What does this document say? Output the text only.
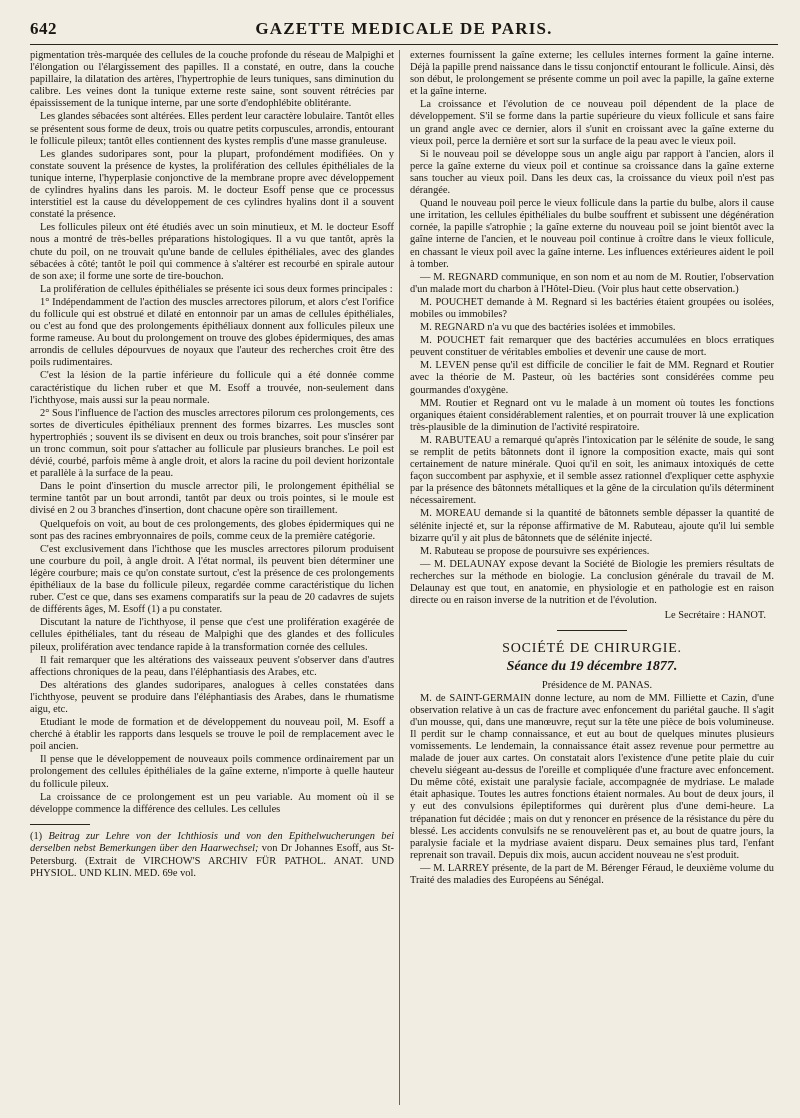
642	GAZETTE MEDICALE DE PARIS.

pigmentation très-marquée des cellules de la couche profonde du réseau de Malpighi et l'élongation ou l'élargissement des papilles. Il a constaté, en outre, dans la couche papillaire, la dilatation des artères, l'hypertrophie de leurs tuniques, sans diminution du calibre. Les veines dont la tunique externe reste saine, sont souvent rétrécies par épaississement de la tunique interne, par une sorte d'endophlébite oblitérante.

Les glandes sébacées sont altérées. Elles perdent leur caractère lobulaire. Tantôt elles se présentent sous forme de deux, trois ou quatre petits corpuscules, arrondis, entourant le follicule pileux; tantôt elles contiennent des kystes remplis d'une masse granuleuse.

Les glandes sudoripares sont, pour la plupart, profondément modifiées. On y constate souvent la présence de kystes, la prolifération des cellules épithéliales de la tunique interne, l'hyperplasie conjonctive de la membrane propre avec développement de cylindres hyalins dans les parois. M. le docteur Esoff pense que ce processus interstitiel est la cause du développement de ces cylindres hyalins dont il a souvent constaté la présence.

Les follicules pileux ont été étudiés avec un soin minutieux, et M. le docteur Esoff nous a montré de très-belles préparations histologiques. Il a vu que tantôt, après la chute du poil, on ne trouvait qu'une bande de cellules épithéliales, avec des glandes sébacées à côté; tantôt le poil qui commence à s'altérer est recourbé en spirale autour de son axe; il forme une sorte de tire-bouchon.

La prolifération de cellules épithéliales se présente ici sous deux formes principales :

1° Indépendamment de l'action des muscles arrectores pilorum, et alors c'est l'orifice du follicule qui est obstrué et dilaté en entonnoir par un amas de cellules épithéliales, ou c'est au fond que des prolongements épithéliaux donnent aux follicules pileux une forme rameuse. Au bout du prolongement on trouve des globes épidermiques, des amas arrondis de cellules dépourvues de noyaux que l'auteur des recherches croit être des poils rudimentaires.

C'est la lésion de la partie inférieure du follicule qui a été donnée comme caractéristique du lichen ruber et que M. Esoff a trouvée, non-seulement dans l'ichthyose, mais aussi sur la peau normale.

2° Sous l'influence de l'action des muscles arrectores pilorum ces prolongements, ces sortes de diverticules épithéliaux prennent des formes bizarres. Les muscles sont hypertrophiés ; souvent ils se divisent en deux ou trois branches, soit pour s'insérer par un tronc commun, soit pour s'attacher au follicule par plusieurs branches. Le poil est dévié, courbé, parfois même à angle droit, et alors la racine du poil devient horizontale et parallèle à la surface de la peau.

Dans le point d'insertion du muscle arrector pili, le prolongement épithélial se termine tantôt par un bout arrondi, tantôt par deux ou trois pointes, si le moule est divisé en 2 ou 3 branches d'insertion, dont chacune opère son tiraillement.

Quelquefois on voit, au bout de ces prolongements, des globes épidermiques qui ne sont pas des racines embryonnaires de poils, comme ceux de la première catégorie.

C'est exclusivement dans l'ichthose que les muscles arrectores pilorum produisent une courbure du poil, à angle droit. A l'état normal, ils peuvent bien déterminer une légère courbure; mais ce qu'on constate surtout, c'est la présence de ces prolongements épithéliaux de la base du follicule pileux, regardée comme caractéristique du lichen ruber. C'est ce que, dans ses examens comparatifs sur la peau de 20 cadavres de sujets de différents âges, M. Esoff (1) a pu constater.

Discutant la nature de l'ichthyose, il pense que c'est une prolifération exagérée de cellules épithéliales, tant du réseau de Malpighi que des glandes et des follicules pileux, prolifération avec tendance rapide à la transformation cornée des cellules.

Il fait remarquer que les altérations des vaisseaux peuvent s'observer dans d'autres affections chroniques de la peau, dans l'éléphantiasis des Arabes, etc.

Des altérations des glandes sudoripares, analogues à celles constatées dans l'ichthyose, peuvent se produire dans l'éléphantiasis des Arabes, dans le rhumatisme aigu, etc.

Etudiant le mode de formation et de développement du nouveau poil, M. Esoff a cherché à établir les rapports dans lesquels se trouve le poil de remplacement avec le poil ancien.

Il pense que le développement de nouveaux poils commence ordinairement par un prolongement des cellules épithéliales de la gaîne externe, n'importe à quelle hauteur du follicule pileux.

La croissance de ce prolongement est un peu variable. Au moment où il se développe commence la différence des cellules. Les cellules

(1) Beitrag zur Lehre von der Ichthiosis und von den Epithelwucherungen bei derselben nebst Bemerkungen über den Haarwechsel; von Dr Johannes Esoff, aus St-Petersburg. (Extrait de VIRCHOW'S ARCHIV FÜR PATHOL. ANAT. UND PHYSIOL. UND KLIN. MED. 69e vol.

externes fournissent la gaîne externe; les cellules internes forment la gaîne interne. Déjà la papille prend naissance dans le tissu conjonctif entourant le follicule. Ainsi, dès son début, le prolongement se présente comme un poil avec la papille, la gaîne externe et la gaîne interne.

La croissance et l'évolution de ce nouveau poil dépendent de la place de développement. S'il se forme dans la partie supérieure du vieux follicule et sans faire un grand angle avec ce dernier, alors il s'unit en croissant avec la gaîne externe du vieux poil, perce la dernière et sort sur la surface de la peau avec le vieux poil.

Si le nouveau poil se développe sous un angle aigu par rapport à l'ancien, alors il perce la gaîne externe du vieux poil et continue sa croissance dans la gaîne externe sans toucher au vieux poil. Dans les deux cas, la croissance du vieux poil n'est pas dérangée.

Quand le nouveau poil perce le vieux follicule dans la partie du bulbe, alors il cause une irritation, les cellules épithéliales du bulbe souffrent et subissent une dégénération cornée, la papille s'atrophie ; la gaîne externe du nouveau poil se joint bientôt avec la gaîne interne de l'ancien, et le nouveau poil continue à croître dans le vieux follicule, en chassant le vieux poil avec la gaîne interne. Les influences extérieures aident le poil à tomber.

— M. REGNARD communique, en son nom et au nom de M. Routier, l'observation d'un malade mort du charbon à l'Hôtel-Dieu. (Voir plus haut cette observation.)

M. POUCHET demande à M. Regnard si les bactéries étaient groupées ou isolées, mobiles ou immobiles?

M. REGNARD n'a vu que des bactéries isolées et immobiles.

M. POUCHET fait remarquer que des bactéries accumulées en blocs erratiques peuvent constituer de véritables embolies et devenir une cause de mort.

M. LEVEN pense qu'il est difficile de concilier le fait de MM. Regnard et Routier avec la théorie de M. Pasteur, où les bactéries sont considérées comme peu gourmandes d'oxygène.

MM. Routier et Regnard ont vu le malade à un moment où toutes les fonctions organiques étaient considérablement ralenties, et on pourrait trouver là une explication très-plausible de la diminution de l'activité respiratoire.

M. RABUTEAU a remarqué qu'après l'intoxication par le sélénite de soude, le sang se remplit de petits bâtonnets dont il ignore la composition exacte, mais qui sont certainement de nature minérale. Quoi qu'il en soit, les animaux intoxiqués de cette façon succombent par asphyxie, et il semble assez rationnel d'expliquer cette asphyxie par la présence des bâtonnets métalliques et la gêne de la circulation qu'ils déterminent nécessairement.

M. MOREAU demande si la quantité de bâtonnets semble dépasser la quantité de sélénite injecté et, sur la réponse affirmative de M. Rabuteau, ajoute qu'il lui semble bizarre qu'il y ait plus de bâtonnets que de sélénite injecté.

M. Rabuteau se propose de poursuivre ses expériences.

— M. DELAUNAY expose devant la Société de Biologie les premiers résultats de recherches sur la méthode en biologie. La conclusion générale du travail de M. Delaunay est que tout, en anatomie, en physiologie et en pathologie est en raison directe ou en raison inverse de la nutrition et de l'évolution.

Le Secrétaire : HANOT.

SOCIÉTÉ DE CHIRURGIE.
Séance du 19 décembre 1877.

Présidence de M. PANAS.

M. de SAINT-GERMAIN donne lecture, au nom de MM. Filliette et Cazin, d'une observation relative à un cas de fracture avec enfoncement du pariétal gauche. Il s'agit d'un mousse, qui, dans une manœuvre, reçut sur la tête une pièce de bois volumineuse. Il perdit sur le champ connaissance, et eut au bout de quelques minutes plusieurs vomissements. Le lendemain, la connaissance était assez revenue pour permettre au malade de jouer aux cartes. On constatait alors l'existence d'une petite plaie du cuir chevelu siégeant au-dessus de l'oreille et compliquée d'une fracture avec enfoncement. Du même côté, existait une paralysie faciale, accompagnée de mydriase. Le malade était aphasique. Toutes les autres fonctions étaient normales. Au bout de deux jours, il y eut des convulsions épileptiformes qui durèrent plus d'une demi-heure. La trépanation fut décidée ; mais on dut y renoncer en présence de la résistance du père du blessé. Les accidents convulsifs ne se renouvelèrent pas et, au bout de quatre jours, la paralysie faciale et la mydriase avaient disparu. Deux semaines plus tard, l'enfant reprenait son travail. Depuis dix mois, aucun accident nouveau ne s'est produit.

— M. LARREY présente, de la part de M. Bérenger Féraud, le deuxième volume du Traité des maladies des Européens au Sénégal.
